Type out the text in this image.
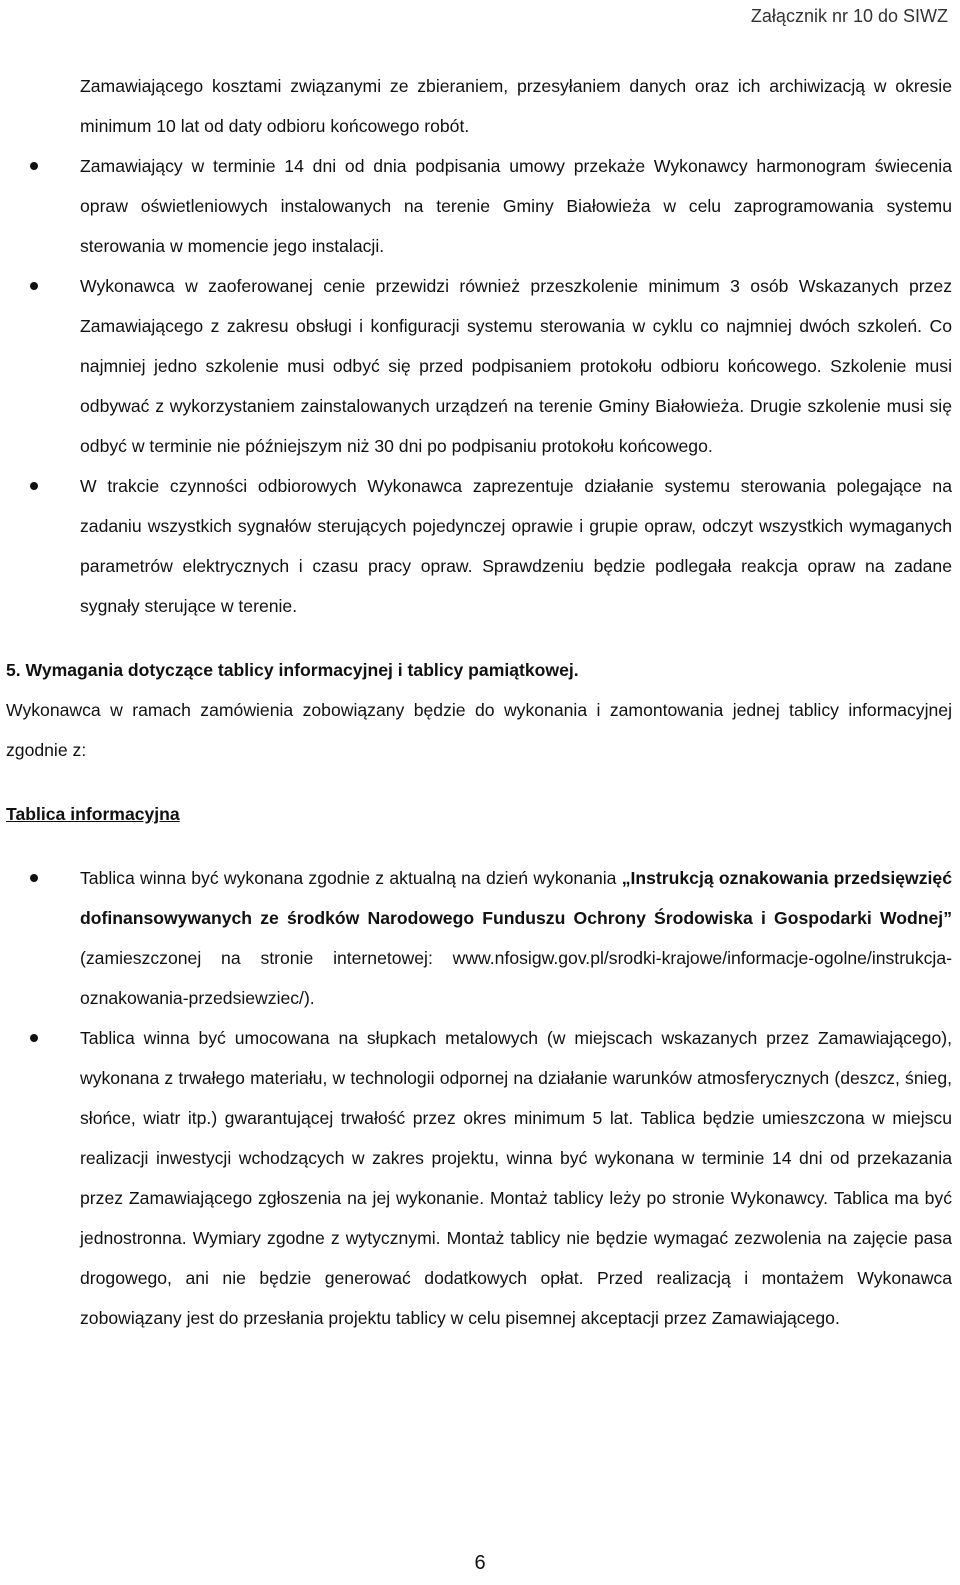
Załącznik nr 10 do SIWZ

Zamawiającego kosztami związanymi ze zbieraniem, przesyłaniem danych oraz ich archiwizacją w okresie minimum 10 lat od daty odbioru końcowego robót.

Zamawiający w terminie 14 dni od dnia podpisania umowy przekaże Wykonawcy harmonogram świecenia opraw oświetleniowych instalowanych na terenie Gminy Białowieża w celu zaprogramowania systemu sterowania w momencie jego instalacji.

Wykonawca w zaoferowanej cenie przewidzi również przeszkolenie minimum 3 osób Wskazanych przez Zamawiającego z zakresu obsługi i konfiguracji systemu sterowania w cyklu co najmniej dwóch szkoleń. Co najmniej jedno szkolenie musi odbyć się przed podpisaniem protokołu odbioru końcowego. Szkolenie musi odbywać z wykorzystaniem zainstalowanych urządzeń na terenie Gminy Białowieża. Drugie szkolenie musi się odbyć w terminie nie późniejszym niż 30 dni po podpisaniu protokołu końcowego.

W trakcie czynności odbiorowych Wykonawca zaprezentuje działanie systemu sterowania polegające na zadaniu wszystkich sygnałów sterujących pojedynczej oprawie i grupie opraw, odczyt wszystkich wymaganych parametrów elektrycznych i czasu pracy opraw. Sprawdzeniu będzie podlegała reakcja opraw na zadane sygnały sterujące w terenie.

5. Wymagania dotyczące tablicy informacyjnej i tablicy pamiątkowej.

Wykonawca w ramach zamówienia zobowiązany będzie do wykonania i zamontowania jednej tablicy informacyjnej zgodnie z:

Tablica informacyjna

Tablica winna być wykonana zgodnie z aktualną na dzień wykonania „Instrukcją oznakowania przedsięwzięć dofinansowywanych ze środków Narodowego Funduszu Ochrony Środowiska i Gospodarki Wodnej” (zamieszczonej na stronie internetowej: www.nfosigw.gov.pl/srodki-krajowe/informacje-ogolne/instrukcja-oznakowania-przedsiewziec/).

Tablica winna być umocowana na słupkach metalowych (w miejscach wskazanych przez Zamawiającego), wykonana z trwałego materiału, w technologii odpornej na działanie warunków atmosferycznych (deszcz, śnieg, słońce, wiatr itp.) gwarantującej trwałość przez okres minimum 5 lat. Tablica będzie umieszczona w miejscu realizacji inwestycji wchodzących w zakres projektu, winna być wykonana w terminie 14 dni od przekazania przez Zamawiającego zgłoszenia na jej wykonanie. Montaż tablicy leży po stronie Wykonawcy. Tablica ma być jednostronna. Wymiary zgodne z wytycznymi. Montaż tablicy nie będzie wymagać zezwolenia na zajęcie pasa drogowego, ani nie będzie generować dodatkowych opłat. Przed realizacją i montażem Wykonawca zobowiązany jest do przesłania projektu tablicy w celu pisemnej akceptacji przez Zamawiającego.

6
